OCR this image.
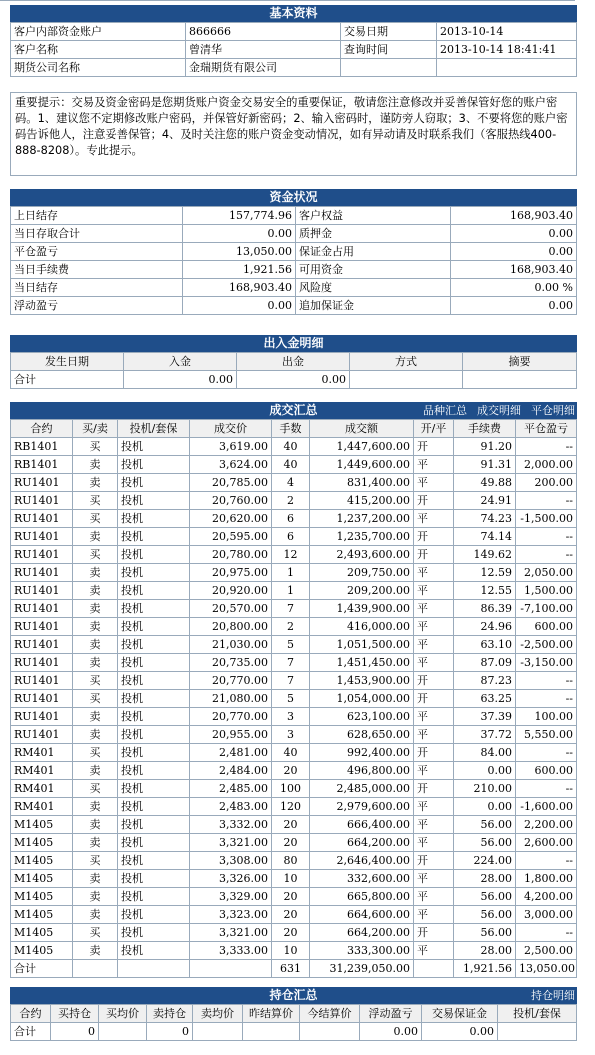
基本资料
客户内部资金账户	866666	交易日期	2013-10-14
客户名称	曾清华	查询时间	2013-10-14 18:41:41
期货公司名称	金瑞期货有限公司		
重要提示：交易及资金密码是您期货账户资金交易安全的重要保证，敬请您注意修改并妥善保管好您的账户密码。1、建议您不定期修改账户密码，并保管好新密码；2、输入密码时，谨防旁人窃取；3、不要将您的账户密码告诉他人，注意妥善保管；4、及时关注您的账户资金变动情况，如有异动请及时联系我们（客服热线400-888-8208）。专此提示。
资金状况
上日结存	157,774.96	客户权益	168,903.40
当日存取合计	0.00	质押金	0.00
平仓盈亏	13,050.00	保证金占用	0.00
当日手续费	1,921.56	可用资金	168,903.40
当日结存	168,903.40	风险度	0.00 %
浮动盈亏	0.00	追加保证金	0.00
出入金明细
发生日期	入金	出金	方式	摘要
合计	0.00	0.00		
成交汇总	品种汇总 成交明细 平仓明细
合约	买/卖	投机/套保	成交价	手数	成交额	开/平	手续费	平仓盈亏
RB1401	买	投机	3,619.00	40	1,447,600.00	开	91.20	--
RB1401	卖	投机	3,624.00	40	1,449,600.00	平	91.31	2,000.00
RU1401	卖	投机	20,785.00	4	831,400.00	平	49.88	200.00
RU1401	买	投机	20,760.00	2	415,200.00	开	24.91	--
RU1401	买	投机	20,620.00	6	1,237,200.00	平	74.23	-1,500.00
RU1401	卖	投机	20,595.00	6	1,235,700.00	开	74.14	--
RU1401	买	投机	20,780.00	12	2,493,600.00	开	149.62	--
RU1401	卖	投机	20,975.00	1	209,750.00	平	12.59	2,050.00
RU1401	卖	投机	20,920.00	1	209,200.00	平	12.55	1,500.00
RU1401	卖	投机	20,570.00	7	1,439,900.00	平	86.39	-7,100.00
RU1401	卖	投机	20,800.00	2	416,000.00	平	24.96	600.00
RU1401	卖	投机	21,030.00	5	1,051,500.00	平	63.10	-2,500.00
RU1401	卖	投机	20,735.00	7	1,451,450.00	平	87.09	-3,150.00
RU1401	买	投机	20,770.00	7	1,453,900.00	开	87.23	--
RU1401	买	投机	21,080.00	5	1,054,000.00	开	63.25	--
RU1401	卖	投机	20,770.00	3	623,100.00	平	37.39	100.00
RU1401	卖	投机	20,955.00	3	628,650.00	平	37.72	5,550.00
RM401	买	投机	2,481.00	40	992,400.00	开	84.00	--
RM401	卖	投机	2,484.00	20	496,800.00	平	0.00	600.00
RM401	买	投机	2,485.00	100	2,485,000.00	开	210.00	--
RM401	卖	投机	2,483.00	120	2,979,600.00	平	0.00	-1,600.00
M1405	卖	投机	3,332.00	20	666,400.00	平	56.00	2,200.00
M1405	卖	投机	3,321.00	20	664,200.00	平	56.00	2,600.00
M1405	买	投机	3,308.00	80	2,646,400.00	开	224.00	--
M1405	卖	投机	3,326.00	10	332,600.00	平	28.00	1,800.00
M1405	卖	投机	3,329.00	20	665,800.00	平	56.00	4,200.00
M1405	卖	投机	3,323.00	20	664,600.00	平	56.00	3,000.00
M1405	买	投机	3,321.00	20	664,200.00	开	56.00	--
M1405	卖	投机	3,333.00	10	333,300.00	平	28.00	2,500.00
合计				631	31,239,050.00		1,921.56	13,050.00
持仓汇总	持仓明细
合约	买持仓	买均价	卖持仓	卖均价	昨结算价	今结算价	浮动盈亏	交易保证金	投机/套保
合计	0		0				0.00	0.00	
